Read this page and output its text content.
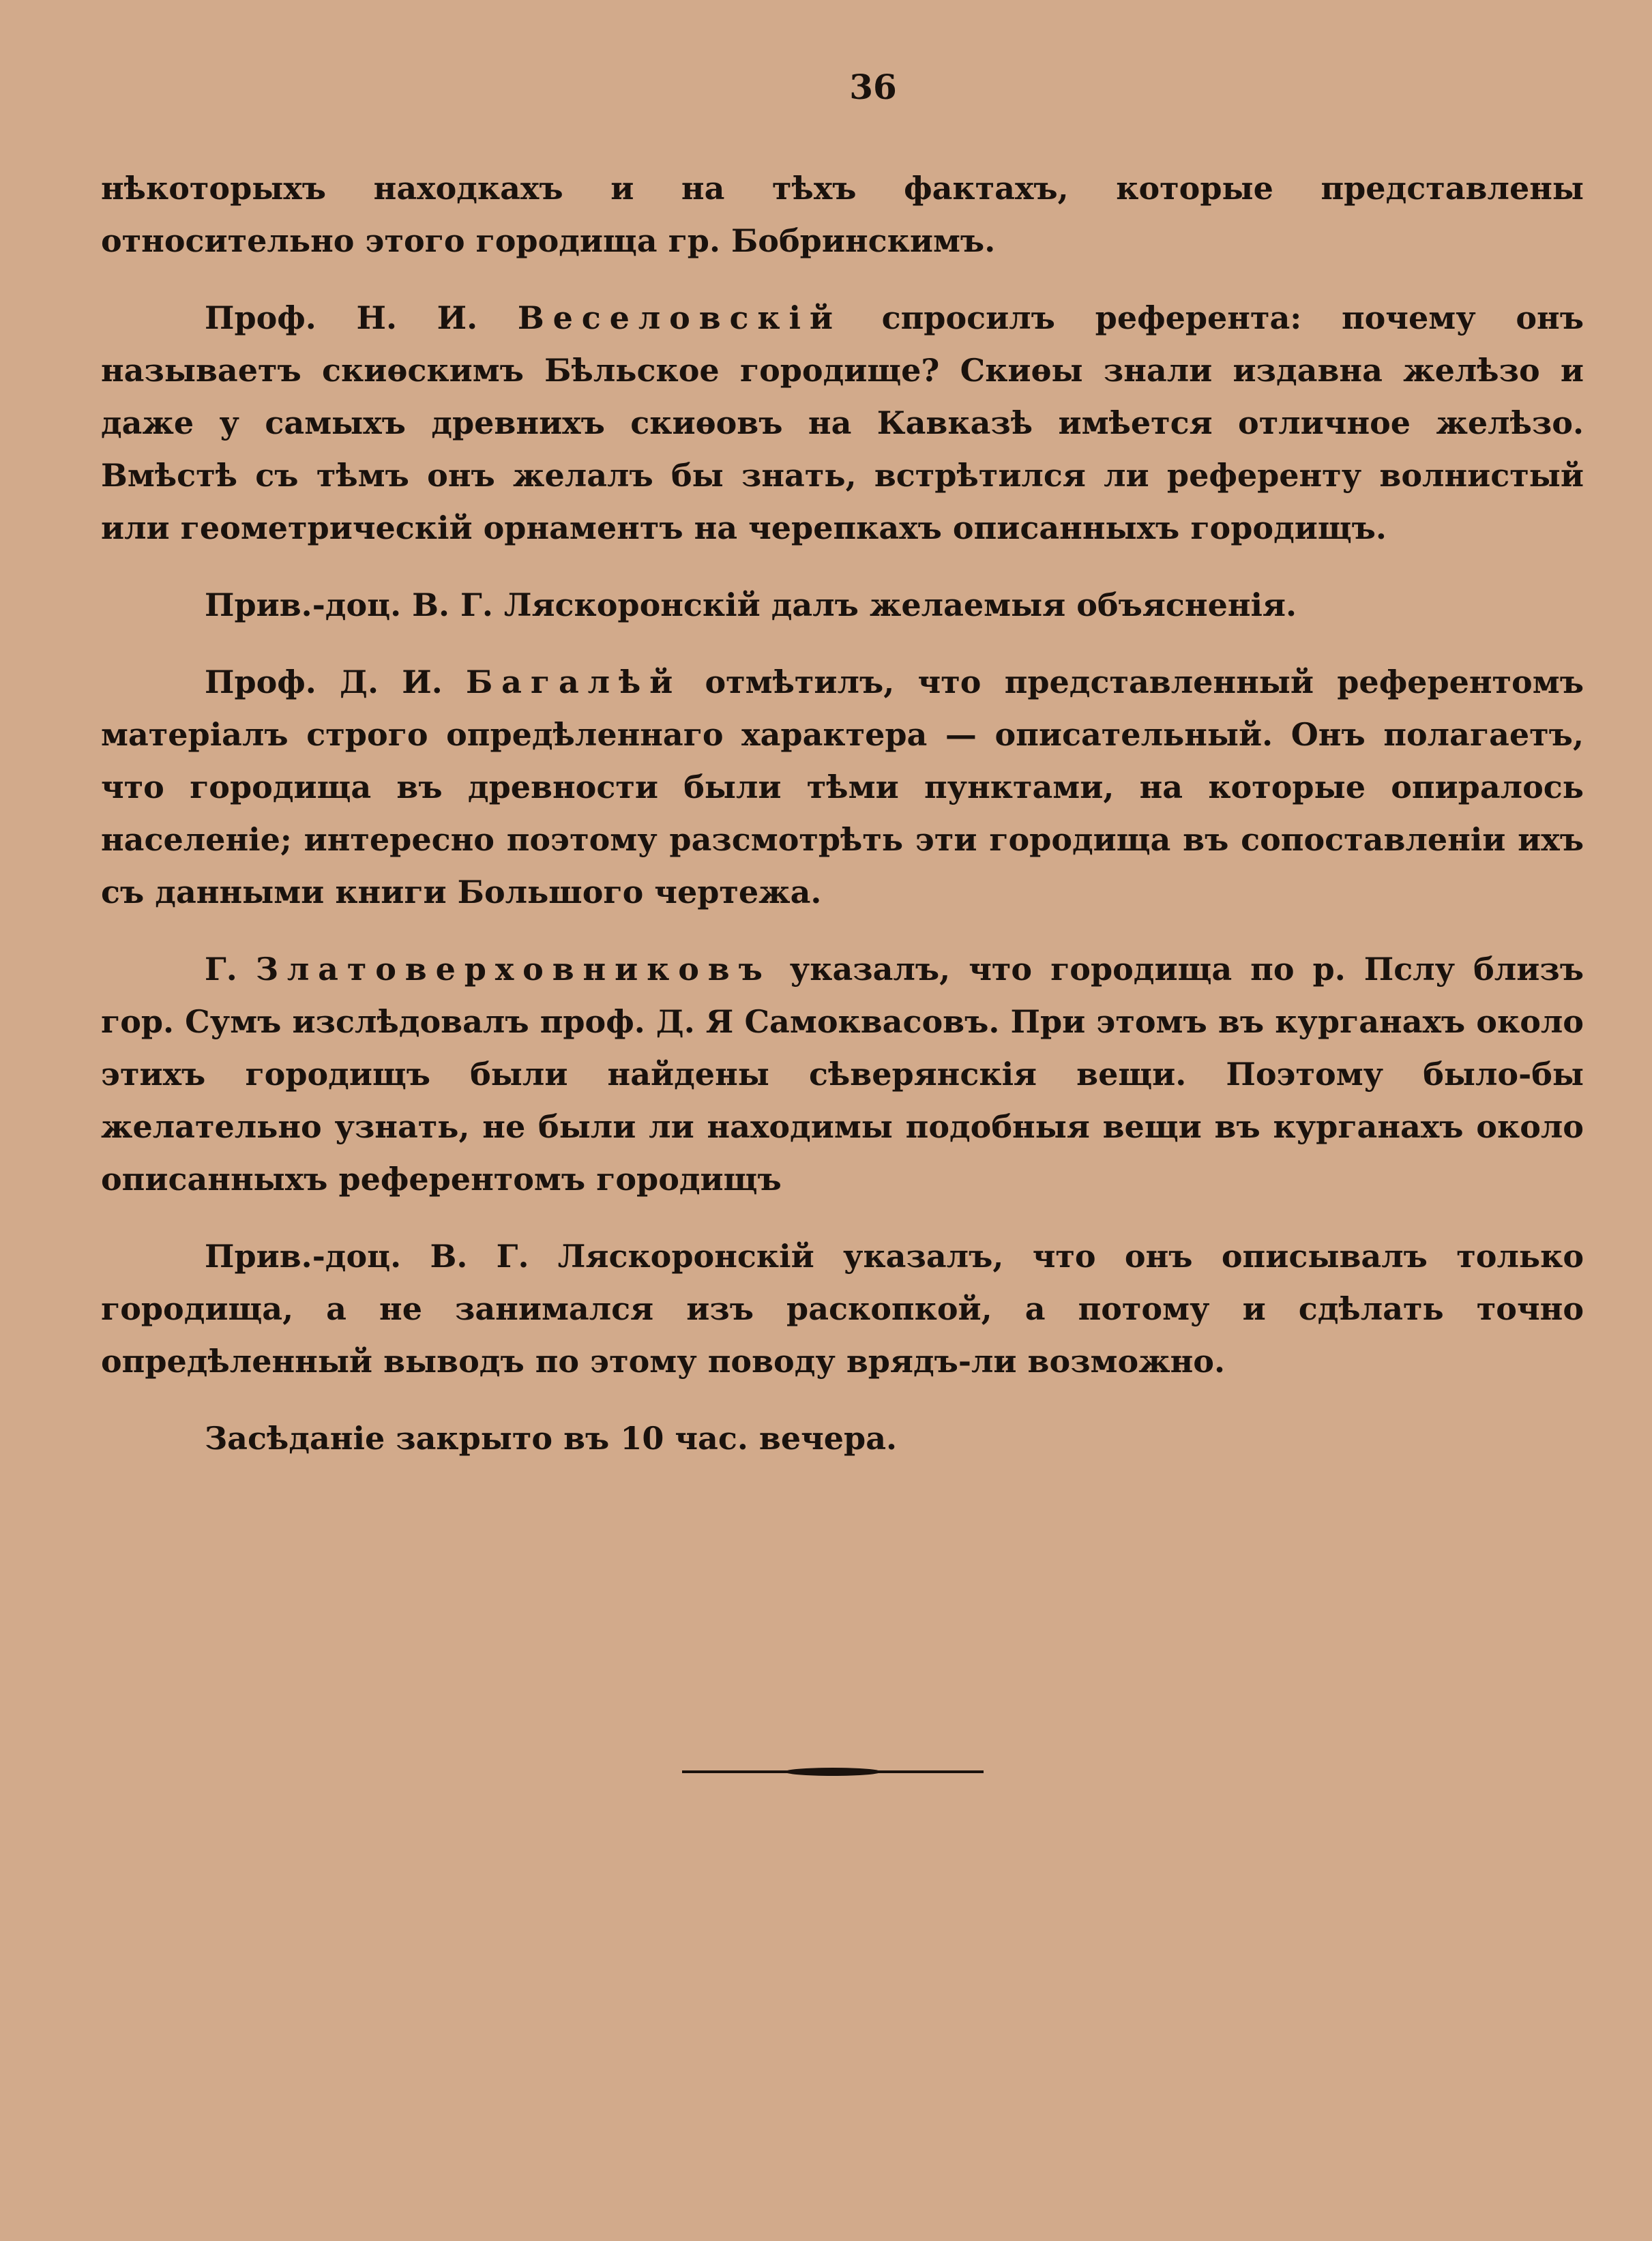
36

нѣкоторыхъ находкахъ и на тѣхъ фактахъ, которые представлены относительно этого городища гр. Бобринскимъ.

Проф. Н. И. Веселовскій спросилъ референта: почему онъ называетъ скиѳскимъ Бѣльское городище? Скиѳы знали издавна желѣзо и даже у самыхъ древнихъ скиѳовъ на Кавказѣ имѣется отличное желѣзо. Вмѣстѣ съ тѣмъ онъ желалъ бы знать, встрѣтился ли референту волнистый или геометрическій орнаментъ на черепкахъ описанныхъ городищъ.

Прив.-доц. В. Г. Ляскоронскій далъ желаемыя объясненія.

Проф. Д. И. Багалѣй отмѣтилъ, что представленный референтомъ матеріалъ строго опредѣленнаго характера — описательный. Онъ полагаетъ, что городища въ древности были тѣми пунктами, на которые опиралось населеніе; интересно поэтому разсмотрѣть эти городища въ сопоставленіи ихъ съ данными книги Большого чертежа.

Г. Златоверховниковъ указалъ, что городища по р. Пслу близъ гор. Сумъ изслѣдовалъ проф. Д. Я Самоквасовъ. При этомъ въ курганахъ около этихъ городищъ были найдены сѣверянскія вещи. Поэтому было-бы желательно узнать, не были ли находимы подобныя вещи въ курганахъ около описанныхъ референтомъ городищъ

Прив.-доц. В. Г. Ляскоронскій указалъ, что онъ описывалъ только городища, а не занимался изъ раскопкой, а потому и сдѣлать точно опредѣленный выводъ по этому поводу врядъ-ли возможно.

Засѣданіе закрыто въ 10 час. вечера.
